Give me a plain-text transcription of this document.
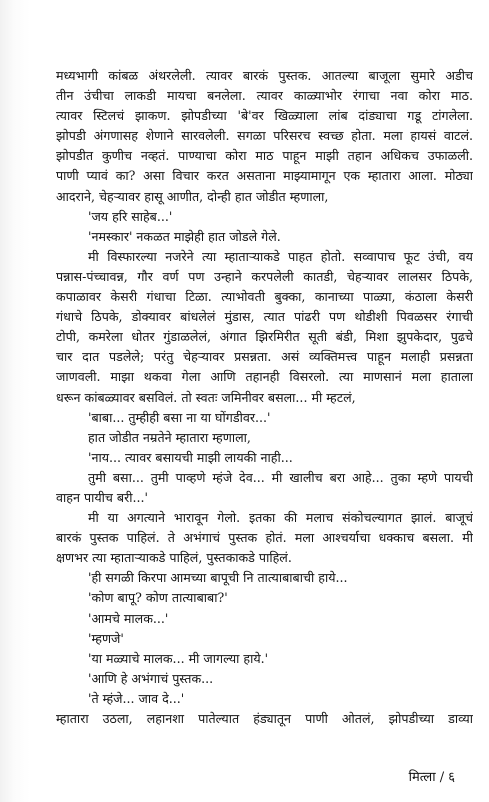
मध्यभागी कांबळ अंथरलेली. त्यावर बारकं पुस्तक. आतल्या बाजूला सुमारे अडीच
तीन उंचीचा लाकडी मायचा बनलेला. त्यावर काळ्याभोर रंगाचा नवा कोरा माठ.
त्यावर स्टिलचं झाकण. झोपडीच्या 'बे'वर खिळ्याला लांब दांड्याचा गडू टांगलेला.
झोपडी अंगणासह शेणाने सारवलेली. सगळा परिसरच स्वच्छ होता. मला हायसं वाटलं.
झोपडीत कुणीच नव्हतं. पाण्याचा कोरा माठ पाहून माझी तहान अधिकच उफाळली.
पाणी प्यावं का? असा विचार करत असताना माझ्यामागून एक म्हातारा आला. मोठ्या
आदराने, चेहऱ्यावर हासू आणीत, दोन्ही हात जोडीत म्हणाला,
'जय हरि साहेब...'
'नमस्कार' नकळत माझेही हात जोडले गेले.
मी विस्फारल्या नजरेने त्या म्हाताऱ्याकडे पाहत होतो. सव्वापाच फूट उंची, वय
पन्नास-पंच्चावन्न, गौर वर्ण पण उन्हाने करपलेली कातडी, चेहऱ्यावर लालसर ठिपके,
कपाळावर केसरी गंधाचा टिळा. त्याभोवती बुक्का, कानाच्या पाळ्या, कंठाला केसरी
गंधाचे ठिपके, डोक्यावर बांधलेलं मुंडास, त्यात पांढरी पण थोडीशी पिवळसर रंगाची
टोपी, कमरेला धोतर गुंडाळलेलं, अंगात झिरमिरीत सूती बंडी, मिशा झुपकेदार, पुढचे
चार दात पडलेले; परंतु चेहऱ्यावर प्रसन्नता. असं व्यक्तिमत्त्व पाहून मलाही प्रसन्नता
जाणवली. माझा थकवा गेला आणि तहानही विसरलो. त्या माणसानं मला हाताला
धरून कांबळ्यावर बसविलं. तो स्वतः जमिनीवर बसला... मी म्हटलं,
'बाबा... तुम्हीही बसा ना या घोंगडीवर...'
हात जोडीत नम्रतेने म्हातारा म्हणाला,
'नाय... त्यावर बसायची माझी लायकी नाही...
तुमी बसा... तुमी पाव्हणे म्हंजे देव... मी खालीच बरा आहे... तुका म्हणे पायची
वाहन पायीच बरी...'
मी या अगत्याने भारावून गेलो. इतका की मलाच संकोचल्यागत झालं. बाजूचं
बारकं पुस्तक पाहिलं. ते अभंगाचं पुस्तक होतं. मला आश्चर्याचा धक्काच बसला. मी
क्षणभर त्या म्हाताऱ्याकडे पाहिलं, पुस्तकाकडे पाहिलं.
'ही सगळी किरपा आमच्या बापूची नि तात्याबाबाची हाये...
'कोण बापू? कोण तात्याबाबा?'
'आमचे मालक...'
'म्हणजे'
'या मळ्याचे मालक... मी जागल्या हाये.'
'आणि हे अभंगाचं पुस्तक...
'ते म्हंजे... जाव दे...'
म्हातारा उठला, लहानशा पातेल्यात हंड्यातून पाणी ओतलं, झोपडीच्या डाव्या
मित्ला / ६
